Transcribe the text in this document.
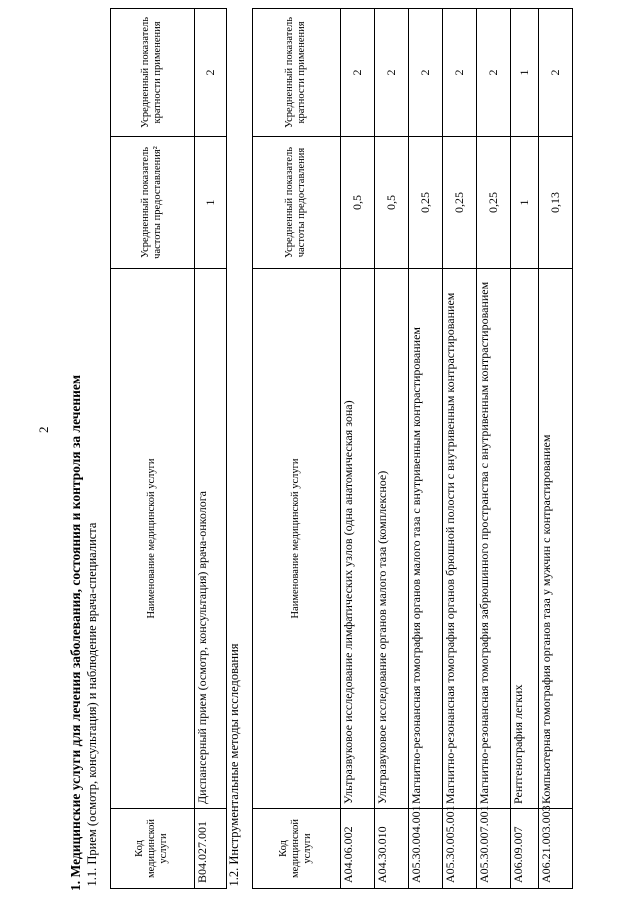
2 1. Медицинские услуги для лечения заболевания, состояния и контроля за лечением 1.1. Прием (осмотр, консультация) и наблюдение врача-специалиста			
Код медицинской услуги	Наименование медицинской услуги	Усредненный показатель частоты предоставления²	Усредненный показатель кратности применения
B04.027.001	Диспансерный прием (осмотр, консультация) врача-онколога	1	2
1.2. Инструментальные методы исследования			
Код медицинской услуги	Наименование медицинской услуги	Усредненный показатель частоты предоставления	Усредненный показатель кратности применения
A04.06.002	Ультразвуковое исследование лимфатических узлов (одна анатомическая зона)	0,5	2
A04.30.010	Ультразвуковое исследование органов малого таза (комплексное)	0,5	2
A05.30.004.001	Магнитно-резонансная томография органов малого таза с внутривенным контрастированием	0,25	2
A05.30.005.001	Магнитно-резонансная томография органов брюшной полости с внутривенным контрастированием	0,25	2
A05.30.007.001	Магнитно-резонансная томография забрюшинного пространства с внутривенным контрастированием	0,25	2
A06.09.007	Рентгенография легких	1	1
A06.21.003.003	Компьютерная томография органов таза у мужчин с контрастированием	0,13	2
